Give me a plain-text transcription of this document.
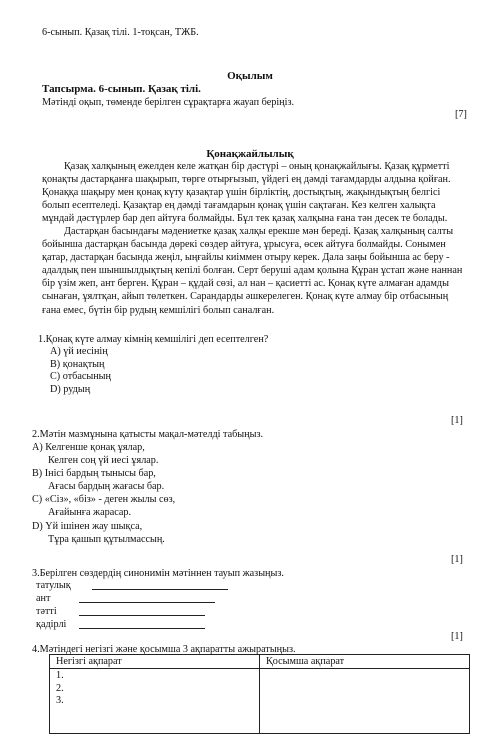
6-сынып. Қазақ тілі. 1-тоқсан, ТЖБ.
Оқылым
Тапсырма. 6-сынып. Қазақ тілі.
Мәтінді оқып, төменде берілген сұрақтарға жауап беріңіз.
[7]
Қонақжайлылық
Қазақ халқының ежелден келе жатқан бір дәстүрі – оның қонақжайлығы. Қазақ құрметті
қонақты дастарқанға шақырып, төрге отырғызып, үйдегі ең дәмді тағамдарды алдына қойған.
Қонаққа шақыру мен қонақ күту қазақтар үшін бірліктің, достықтың, жақындықтың белгісі
болып есептеледі. Қазақтар ең дәмді тағамдарын қонақ үшін сақтаған. Кез келген халықта
мұндай дәстүрлер бар деп айтуға болмайды. Бұл тек қазақ халқына ғана тән десек те болады.
Дастарқан басындағы мәдениетке қазақ халқы ерекше мән береді. Қазақ халқының салты
бойынша дастарқан басында дөрекі сөздер айтуға, ұрысуға, өсек айтуға болмайды. Сонымен
қатар, дастарқан басында жеңіл, ыңғайлы киіммен отыру керек. Дала заңы бойынша ас беру -
адалдық пен шыншылдықтың кепілі болған. Серт беруші адам қолына Құран ұстап және наннан
бір үзім жеп, ант берген. Құран – құдай сөзі, ал нан – қасиетті ас. Қонақ күте алмаған адамды
сынаған, ұялтқан, айып төлеткен. Сарандарды әшкерелеген. Қонақ күте алмау бір отбасының
ғана емес, бүтін бір рудың кемшілігі болып саналған.
1.Қонақ күте алмау кімнің кемшілігі деп есептелген?
A) үй иесінің
B) қонақтың
C) отбасының
D) рудың
[1]
2.Мәтін мазмұнына қатысты мақал-мәтелді табыңыз.
A) Келгенше қонақ ұялар,
Келген соң үй иесі ұялар.
B) Інісі бардың тынысы бар,
Ағасы бардың жағасы бар.
C) «Сіз», «біз» - деген жылы сөз,
Ағайынға жарасар.
D) Үй ішінен жау шықса,
Тұра қашып құтылмассың.
[1]
3.Берілген сөздердің синонимін мәтіннен тауып жазыңыз.
татулық
ант
тәтті
қадірлі
[1]
4.Мәтіндегі негізгі және қосымша 3 ақпаратты ажыратыңыз.
Негізгі ақпарат	Қосымша ақпарат

1.
2.
3.	
